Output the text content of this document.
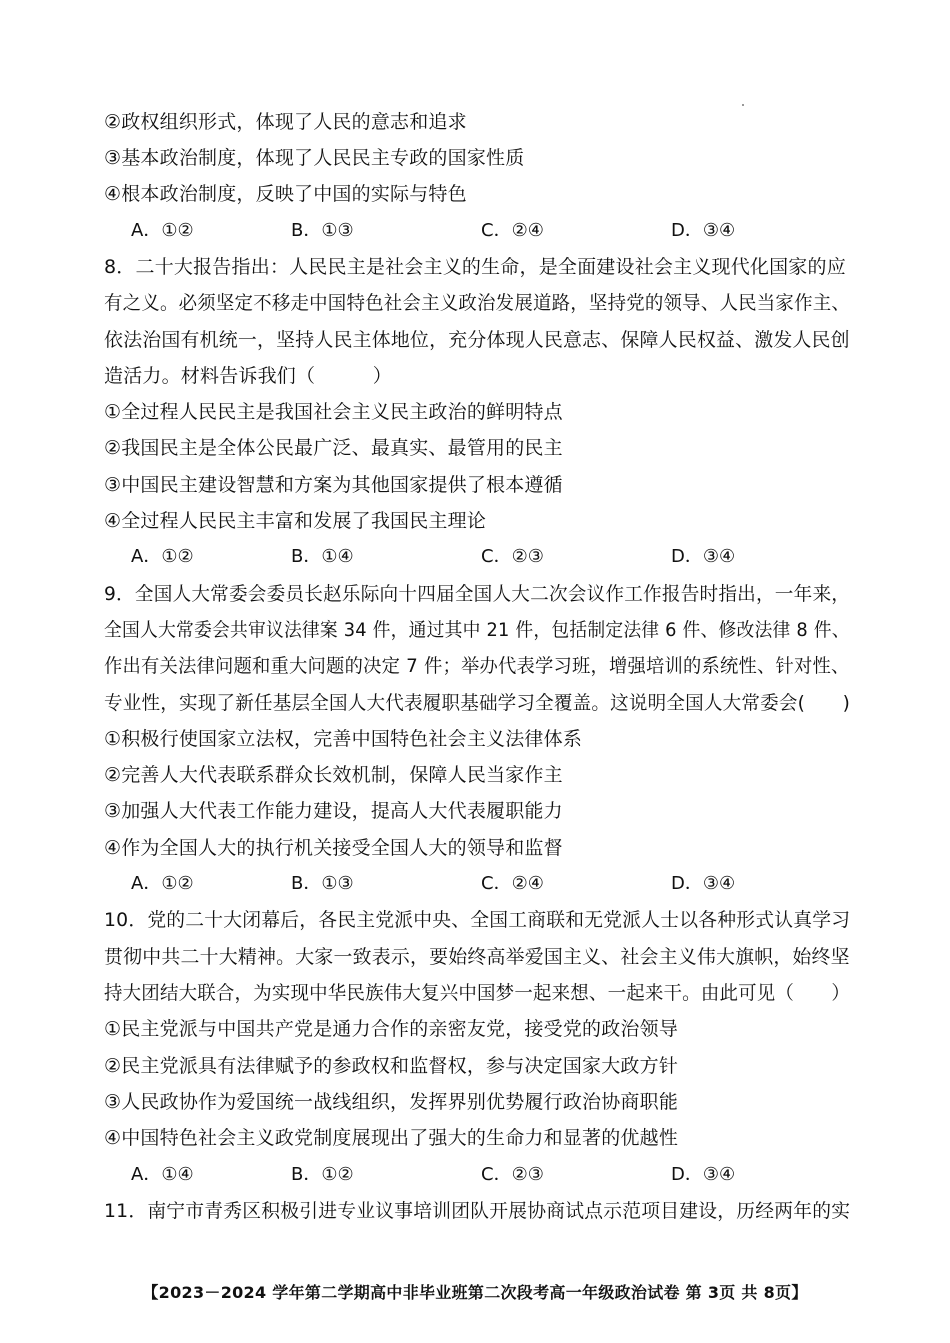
②政权组织形式，体现了人民的意志和追求
③基本政治制度，体现了人民民主专政的国家性质
④根本政治制度，反映了中国的实际与特色
A．①②	B．①③	C．②④	D．③④
8．二十大报告指出：人民民主是社会主义的生命，是全面建设社会主义现代化国家的应
有之义。必须坚定不移走中国特色社会主义政治发展道路，坚持党的领导、人民当家作主、
依法治国有机统一，坚持人民主体地位，充分体现人民意志、保障人民权益、激发人民创
造活力。材料告诉我们（　　　）
①全过程人民民主是我国社会主义民主政治的鲜明特点
②我国民主是全体公民最广泛、最真实、最管用的民主
③中国民主建设智慧和方案为其他国家提供了根本遵循
④全过程人民民主丰富和发展了我国民主理论
A．①②	B．①④	C．②③	D．③④
9．全国人大常委会委员长赵乐际向十四届全国人大二次会议作工作报告时指出，一年来，
全国人大常委会共审议法律案 34 件，通过其中 21 件，包括制定法律 6 件、修改法律 8 件、
作出有关法律问题和重大问题的决定 7 件；举办代表学习班，增强培训的系统性、针对性、
专业性，实现了新任基层全国人大代表履职基础学习全覆盖。这说明全国人大常委会(　　)
①积极行使国家立法权，完善中国特色社会主义法律体系
②完善人大代表联系群众长效机制，保障人民当家作主
③加强人大代表工作能力建设，提高人大代表履职能力
④作为全国人大的执行机关接受全国人大的领导和监督
A．①②	B．①③	C．②④	D．③④
10．党的二十大闭幕后，各民主党派中央、全国工商联和无党派人士以各种形式认真学习
贯彻中共二十大精神。大家一致表示，要始终高举爱国主义、社会主义伟大旗帜，始终坚
持大团结大联合，为实现中华民族伟大复兴中国梦一起来想、一起来干。由此可见（　　）
①民主党派与中国共产党是通力合作的亲密友党，接受党的政治领导
②民主党派具有法律赋予的参政权和监督权，参与决定国家大政方针
③人民政协作为爱国统一战线组织，发挥界别优势履行政治协商职能
④中国特色社会主义政党制度展现出了强大的生命力和显著的优越性
A．①④	B．①②	C．②③	D．③④
11．南宁市青秀区积极引进专业议事培训团队开展协商试点示范项目建设，历经两年的实
【2023－2024 学年第二学期高中非毕业班第二次段考高一年级政治试卷 第 3页 共 8页】
